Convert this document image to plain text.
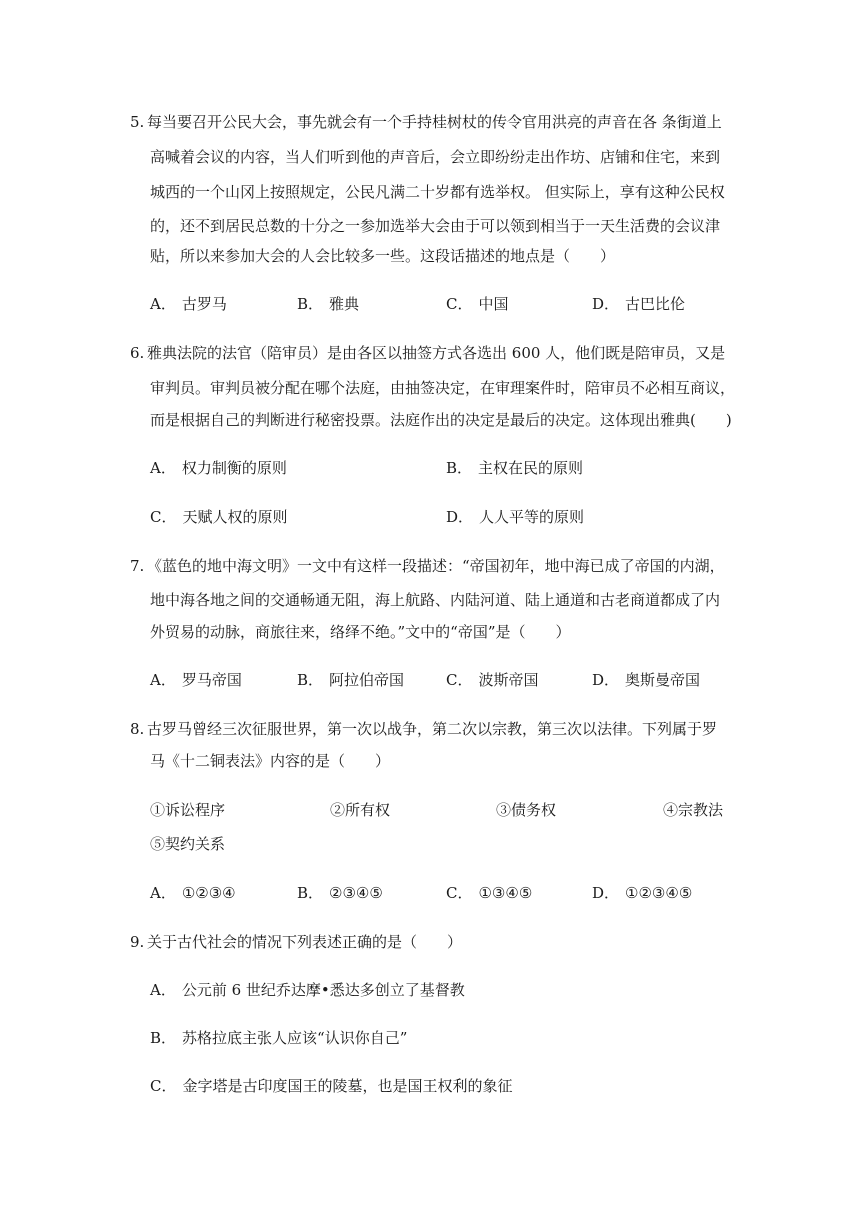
5. 每当要召开公民大会，事先就会有一个手持桂树杖的传令官用洪亮的声音在各 条街道上
高喊着会议的内容，当人们听到他的声音后，会立即纷纷走出作坊、店铺和住宅，来到
城西的一个山冈上按照规定，公民凡满二十岁都有选举权。 但实际上，享有这种公民权
的，还不到居民总数的十分之一参加选举大会由于可以领到相当于一天生活费的会议津
贴，所以来参加大会的人会比较多一些。这段话描述的地点是（　　）
A． 古罗马	B． 雅典	C． 中国	D． 古巴比伦
6. 雅典法院的法官（陪审员）是由各区以抽签方式各选出 600 人，他们既是陪审员，又是
审判员。审判员被分配在哪个法庭，由抽签决定，在审理案件时，陪审员不必相互商议，
而是根据自己的判断进行秘密投票。法庭作出的决定是最后的决定。这体现出雅典(　　)
A． 权力制衡的原则	B． 主权在民的原则
C． 天赋人权的原则	D． 人人平等的原则
7. 《蓝色的地中海文明》一文中有这样一段描述：“帝国初年，地中海已成了帝国的内湖，
地中海各地之间的交通畅通无阻，海上航路、内陆河道、陆上通道和古老商道都成了内
外贸易的动脉，商旅往来，络绎不绝。”文中的“帝国”是（　　）
A． 罗马帝国	B． 阿拉伯帝国	C． 波斯帝国	D． 奥斯曼帝国
8. 古罗马曾经三次征服世界，第一次以战争，第二次以宗教，第三次以法律。下列属于罗
马《十二铜表法》内容的是（　　）
①诉讼程序	②所有权	③债务权	④宗教法
⑤契约关系
A． ①②③④	B． ②③④⑤	C． ①③④⑤	D． ①②③④⑤
9. 关于古代社会的情况下列表述正确的是（　　）
A． 公元前 6 世纪乔达摩•悉达多创立了基督教
B． 苏格拉底主张人应该“认识你自己”
C． 金字塔是古印度国王的陵墓，也是国王权利的象征
